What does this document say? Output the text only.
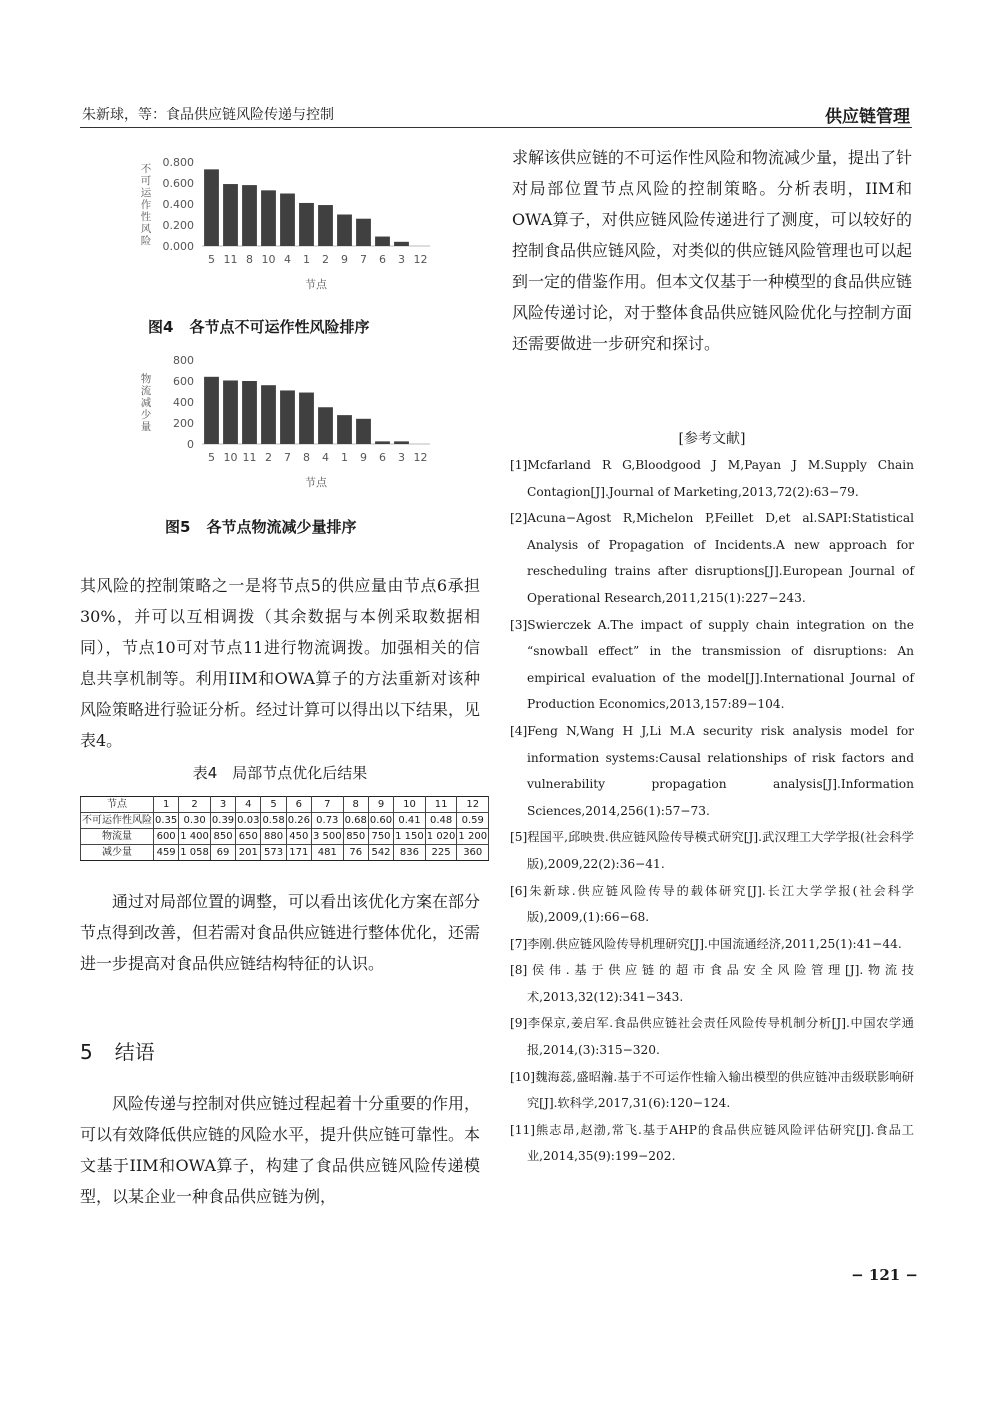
朱新球，等：食品供应链风险传递与控制	供应链管理
0.000
0.200
0.400
0.600
0.800
5 11 8 10 4 1 2 9 7 6 3 12
节点
不可运作性风险
图4 各节点不可运作性风险排序
0
200
400
600
800
5 10 11 2 7 8 4 1 9 6 3 12
节点
物流减少量
图5 各节点物流减少量排序
其风险的控制策略之一是将节点5的供应量由节点6承担30%，并可以互相调拨（其余数据与本例采取数据相同），节点10可对节点11进行物流调拨。加强相关的信息共享机制等。利用IIM和OWA算子的方法重新对该种风险策略进行验证分析。经过计算可以得出以下结果，见表4。
表4　局部节点优化后结果
节点	1	2	3	4	5	6	7	8	9	10	11	12
不可运作性风险	0.35	0.30	0.39	0.03	0.58	0.26	0.73	0.68	0.60	0.41	0.48	0.59
物流量	600	1 400	850	650	880	450	3 500	850	750	1 150	1 020	1 200
减少量	459	1 058	69	201	573	171	481	76	542	836	225	360
　　通过对局部位置的调整，可以看出该优化方案在部分节点得到改善，但若需对食品供应链进行整体优化，还需进一步提高对食品供应链结构特征的认识。
5 结语
　　风险传递与控制对供应链过程起着十分重要的作用，可以有效降低供应链的风险水平，提升供应链可靠性。本文基于IIM和OWA算子，构建了食品供应链风险传递模型，以某企业一种食品供应链为例，
求解该供应链的不可运作性风险和物流减少量，提出了针对局部位置节点风险的控制策略。分析表明，IIM和OWA算子，对供应链风险传递进行了测度，可以较好的控制食品供应链风险，对类似的供应链风险管理也可以起到一定的借鉴作用。但本文仅基于一种模型的食品供应链风险传递讨论，对于整体食品供应链风险优化与控制方面还需要做进一步研究和探讨。
[参考文献]
[1]Mcfarland R G,Bloodgood J M,Payan J M.Supply Chain Contagion[J].Journal of Marketing,2013,72(2):63−79.
[2]Acuna−Agost R,Michelon P,Feillet D,et al.SAPI:Statistical Analysis of Propagation of Incidents.A new approach for rescheduling trains after disruptions[J].European Journal of Operational Research,2011,215(1):227−243.
[3]Swierczek A.The impact of supply chain integration on the “snowball effect” in the transmission of disruptions: An empirical evaluation of the model[J].International Journal of Production Economics,2013,157:89−104.
[4]Feng N,Wang H J,Li M.A security risk analysis model for information systems:Causal relationships of risk factors and vulnerability propagation analysis[J].Information Sciences,2014,256(1):57−73.
[5]程国平,邱映贵.供应链风险传导模式研究[J].武汉理工大学学报(社会科学版),2009,22(2):36−41.
[6]朱新球.供应链风险传导的载体研究[J].长江大学学报(社会科学版),2009,(1):66−68.
[7]李刚.供应链风险传导机理研究[J].中国流通经济,2011,25(1):41−44.
[8]侯伟.基于供应链的超市食品安全风险管理[J].物流技术,2013,32(12):341−343.
[9]李保京,姜启军.食品供应链社会责任风险传导机制分析[J].中国农学通报,2014,(3):315−320.
[10]魏海蕊,盛昭瀚.基于不可运作性输入输出模型的供应链冲击级联影响研究[J].软科学,2017,31(6):120−124.
[11]熊志昂,赵渤,常飞.基于AHP的食品供应链风险评估研究[J].食品工业,2014,35(9):199−202.
− 121 −
